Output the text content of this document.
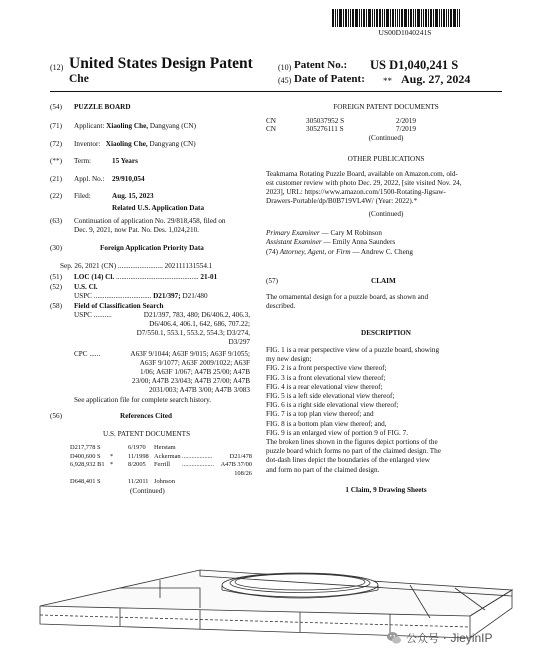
US00D1040241S
(12) United States Design Patent
Che
(10) Patent No.: US D1,040,241 S
(45) Date of Patent: ** Aug. 27, 2024
(54) PUZZLE BOARD
(71) Applicant: Xiaoling Che, Dangyang (CN)
(72) Inventor: Xiaoling Che, Dangyang (CN)
(**) Term:	15 Years
(21) Appl. No.: 29/910,054
(22) Filed:	Aug. 15, 2023
Related U.S. Application Data
(63) Continuation of application No. 29/818,458, filed on
Dec. 9, 2021, now Pat. No. Des. 1,024,210.
(30)	Foreign Application Priority Data
Sep. 26, 2021 (CN) ......................... 202111131554.1
(51) LOC (14) Cl. .............................................. 21-01
(52) U.S. Cl.
USPC ................................ D21/397; D21/480
(58) Field of Classification Search
USPC ..........	D21/397, 783, 480; D6/406.2, 406.3,
D6/406.4, 406.1, 642, 686, 707.22;
D7/550.1, 553.1, 553.2, 554.3; D3/274,
D3/297
CPC ......	A63F 9/1044; A63F 9/015; A63F 9/1055;
A63F 9/1077; A63F 2009/1022; A63F
1/06; A63F 1/067; A47B 25/00; A47B
23/00; A47B 23/043; A47B 27/00; A47B
2031/003; A47B 3/00; A47B 3/083
See application file for complete search history.
(56)	References Cited
U.S. PATENT DOCUMENTS
D217,778 S	6/1970 Herstam
D400,600 S * 11/1998 Ackerman ...................	D21/478
6,928,932 B1 * 8/2005 Ferrill .................... A47B 37/00
108/26
D648,401 S	11/2011 Johnson
(Continued)
FOREIGN PATENT DOCUMENTS
CN	305037952 S	2/2019
CN	305276111 S	7/2019
(Continued)
OTHER PUBLICATIONS
Teakmama Rotating Puzzle Board, available on Amazon.com, old-
est customer review with photo Dec. 29, 2022, [site visited Nov. 24,
2023], URL: https://www.amazon.com/1500-Rotating-Jigsaw-
Drawers-Portable/dp/B0B719VL4W/ (Year: 2022).*
(Continued)
Primary Examiner — Cary M Robinson
Assistant Examiner — Emily Anna Saunders
(74) Attorney, Agent, or Firm — Andrew C. Cheng
(57)	CLAIM
The ornamental design for a puzzle board, as shown and
described.
DESCRIPTION
FIG. 1 is a rear perspective view of a puzzle board, showing
my new design;
FIG. 2 is a front perspective view thereof;
FIG. 3 is a front elevational view thereof;
FIG. 4 is a rear elevational view thereof;
FIG. 5 is a left side elevational view thereof;
FIG. 6 is a right side elevational view thereof;
FIG. 7 is a top plan view thereof; and
FIG. 8 is a bottom plan view thereof; and,
FIG. 9 is an enlarged view of portion 9 of FIG. 7.
The broken lines shown in the figures depict portions of the
puzzle board which forms no part of the claimed design. The
dot-dash lines depict the boundaries of the enlarged view
and form no part of the claimed design.
1 Claim, 9 Drawing Sheets
公众号 · JieyinIP
